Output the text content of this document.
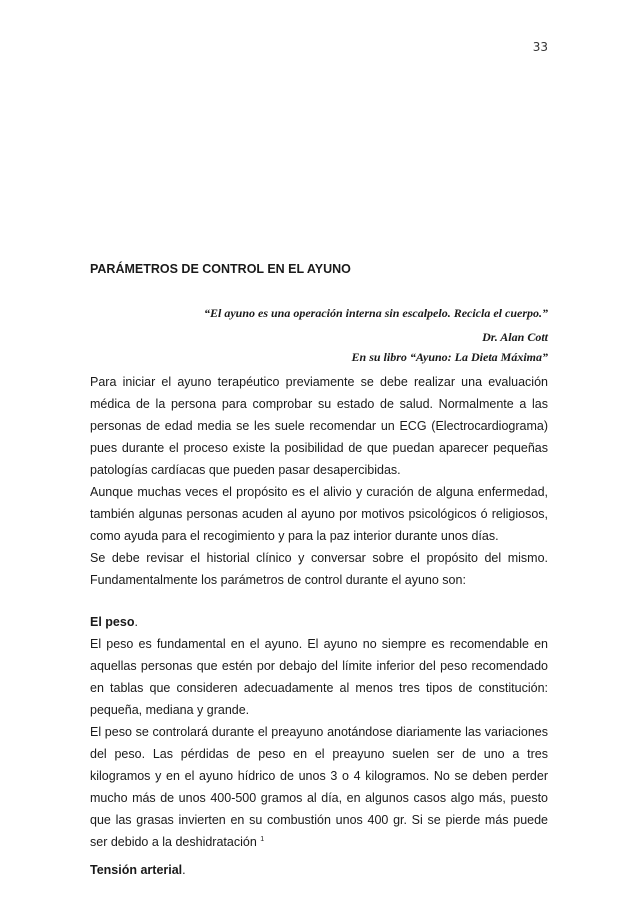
33
PARÁMETROS DE CONTROL EN EL AYUNO
“El ayuno es una operación interna sin escalpelo. Recicla el cuerpo.”
Dr. Alan Cott
En su libro “Ayuno: La Dieta Máxima”

Para iniciar el ayuno terapéutico previamente se debe realizar una evaluación médica de la persona para comprobar su estado de salud. Normalmente a las personas de edad media se les suele recomendar un ECG (Electrocardiograma) pues durante el proceso existe la posibilidad de que puedan aparecer pequeñas patologías cardíacas que pueden pasar desapercibidas.

Aunque muchas veces el propósito es el alivio y curación de alguna enfermedad, también algunas personas acuden al ayuno por motivos psicológicos ó religiosos, como ayuda para el recogimiento y para la paz interior durante unos días.

Se debe revisar el historial clínico y conversar sobre el propósito del mismo. Fundamentalmente los parámetros de control durante el ayuno son:

El peso.

El peso es fundamental en el ayuno. El ayuno no siempre es recomendable en aquellas personas que estén por debajo del límite inferior del peso recomendado en tablas que consideren adecuadamente al menos tres tipos de constitución: pequeña, mediana y grande.

El peso se controlará durante el preayuno anotándose diariamente las variaciones del peso. Las pérdidas de peso en el preayuno suelen ser de uno a tres kilogramos y en el ayuno hídrico de unos 3 o 4 kilogramos. No se deben perder mucho más de unos 400-500 gramos al día, en algunos casos algo más, puesto que las grasas invierten en su combustión unos 400 gr. Si se pierde más puede ser debido a la deshidratación $^1$

Tensión arterial.
